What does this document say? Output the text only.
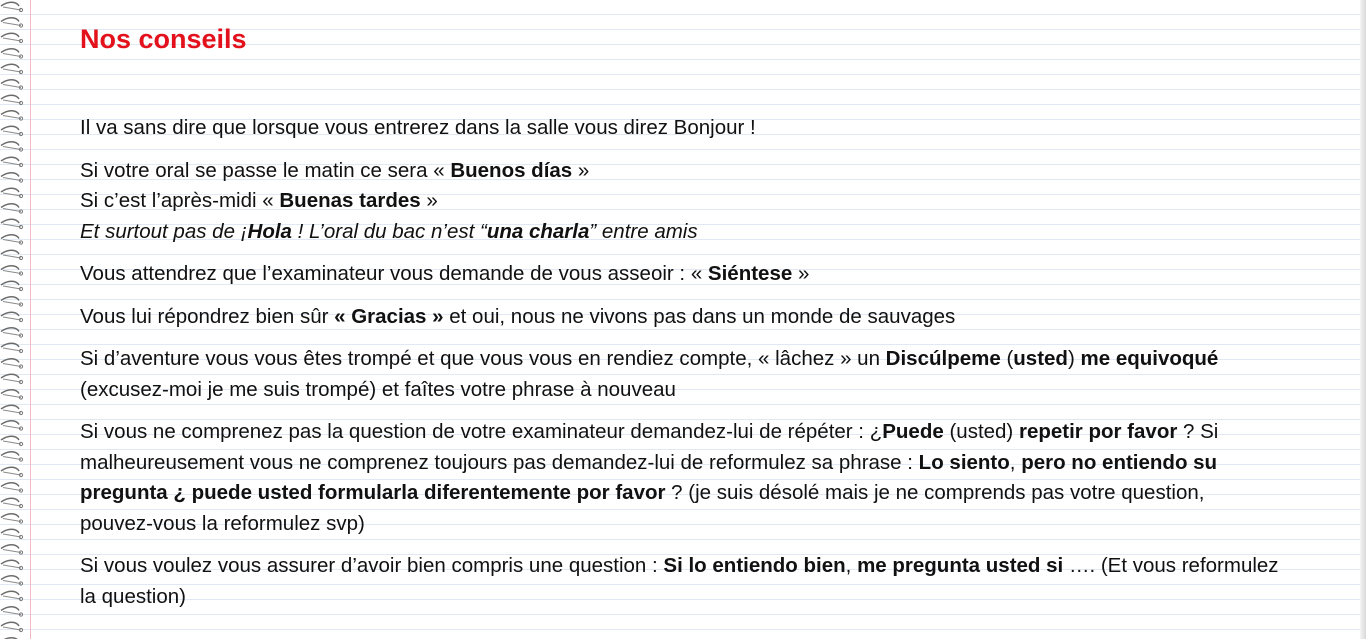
Nos conseils

Il va sans dire que lorsque vous entrerez dans la salle vous direz Bonjour !

Si votre oral se passe le matin ce sera « Buenos días »
Si c’est l’après-midi « Buenas tardes »
Et surtout pas de ¡Hola ! L’oral du bac n’est “una charla” entre amis

Vous attendrez que l’examinateur vous demande de vous asseoir : « Siéntese »

Vous lui répondrez bien sûr « Gracias » et oui, nous ne vivons pas dans un monde de sauvages

Si d’aventure vous vous êtes trompé et que vous vous en rendiez compte, « lâchez » un Discúlpeme (usted) me equivoqué (excusez-moi je me suis trompé) et faîtes votre phrase à nouveau

Si vous ne comprenez pas la question de votre examinateur demandez-lui de répéter : ¿Puede (usted) repetir por favor ? Si malheureusement vous ne comprenez toujours pas demandez-lui de reformulez sa phrase : Lo siento, pero no entiendo su pregunta ¿ puede usted formularla diferentemente por favor ? (je suis désolé mais je ne comprends pas votre question, pouvez-vous la reformulez svp)

Si vous voulez vous assurer d’avoir bien compris une question : Si lo entiendo bien, me pregunta usted si …. (Et vous reformulez la question)
